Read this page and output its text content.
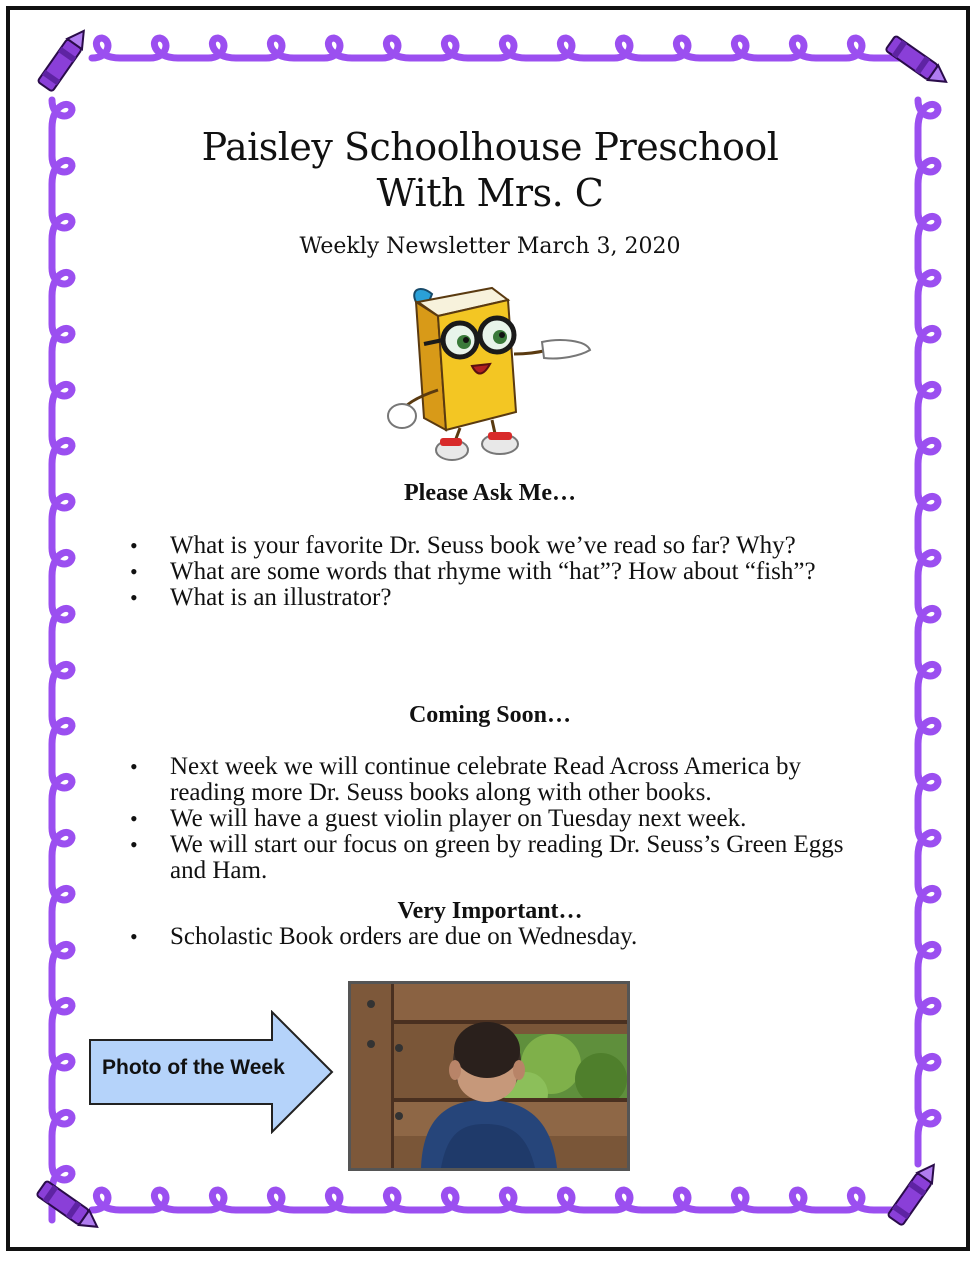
Paisley Schoolhouse Preschool
With Mrs. C
Weekly Newsletter March 3, 2020
Please Ask Me…
• What is your favorite Dr. Seuss book we’ve read so far? Why?
• What are some words that rhyme with “hat”? How about “fish”?
• What is an illustrator?
Coming Soon…
• Next week we will continue celebrate Read Across America by reading more Dr. Seuss books along with other books.
• We will have a guest violin player on Tuesday next week.
• We will start our focus on green by reading Dr. Seuss’s Green Eggs and Ham.
Very Important…
• Scholastic Book orders are due on Wednesday.
Photo of the Week
